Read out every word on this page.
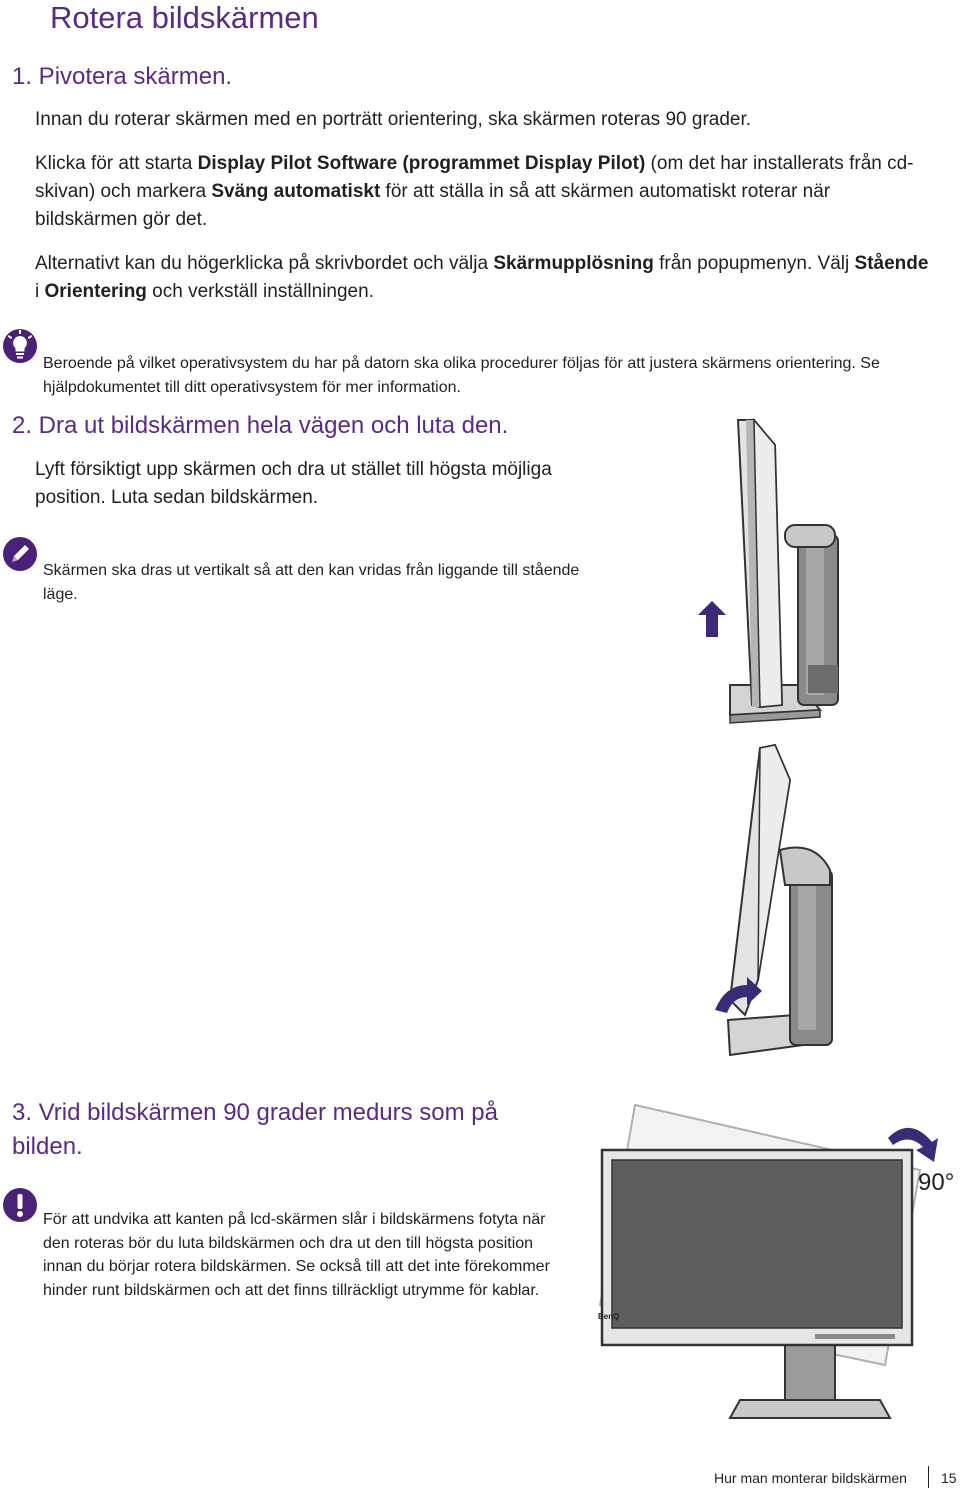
Rotera bildskärmen
1. Pivotera skärmen.
Innan du roterar skärmen med en porträtt orientering, ska skärmen roteras 90 grader.
Klicka för att starta Display Pilot Software (programmet Display Pilot) (om det har installerats från cd-skivan) och markera Sväng automatiskt för att ställa in så att skärmen automatiskt roterar när bildskärmen gör det.
Alternativt kan du högerklicka på skrivbordet och välja Skärmupplösning från popupmenyn. Välj Stående i Orientering och verkställ inställningen.
Beroende på vilket operativsystem du har på datorn ska olika procedurer följas för att justera skärmens orientering. Se hjälpdokumentet till ditt operativsystem för mer information.
2. Dra ut bildskärmen hela vägen och luta den.
Lyft försiktigt upp skärmen och dra ut stället till högsta möjliga position. Luta sedan bildskärmen.
Skärmen ska dras ut vertikalt så att den kan vridas från liggande till stående läge.
3. Vrid bildskärmen 90 grader medurs som på bilden.
För att undvika att kanten på lcd-skärmen slår i bildskärmens fotyta när den roteras bör du luta bildskärmen och dra ut den till högsta position innan du börjar rotera bildskärmen. Se också till att det inte förekommer hinder runt bildskärmen och att det finns tillräckligt utrymme för kablar.
BenQ
90°
Hur man monterar bildskärmen 15
